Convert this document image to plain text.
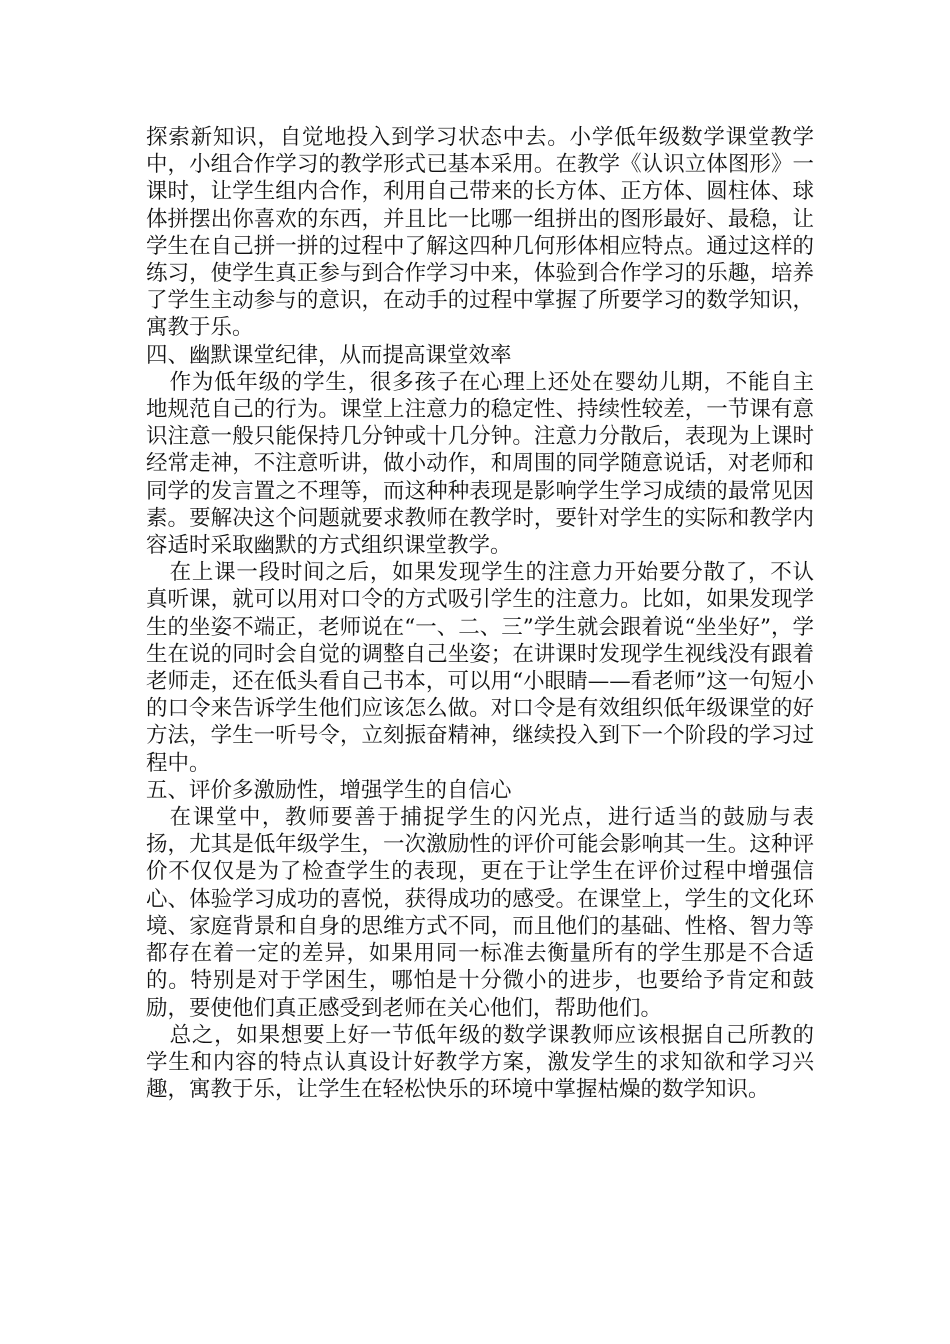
探索新知识，自觉地投入到学习状态中去。小学低年级数学课堂教学中，小组合作学习的教学形式已基本采用。在教学《认识立体图形》一课时，让学生组内合作，利用自己带来的长方体、正方体、圆柱体、球体拼摆出你喜欢的东西，并且比一比哪一组拼出的图形最好、最稳，让学生在自己拼一拼的过程中了解这四种几何形体相应特点。通过这样的练习，使学生真正参与到合作学习中来，体验到合作学习的乐趣，培养了学生主动参与的意识，在动手的过程中掌握了所要学习的数学知识，寓教于乐。

四、幽默课堂纪律，从而提高课堂效率

作为低年级的学生，很多孩子在心理上还处在婴幼儿期，不能自主地规范自己的行为。课堂上注意力的稳定性、持续性较差，一节课有意识注意一般只能保持几分钟或十几分钟。注意力分散后，表现为上课时经常走神，不注意听讲，做小动作，和周围的同学随意说话，对老师和同学的发言置之不理等，而这种种表现是影响学生学习成绩的最常见因素。要解决这个问题就要求教师在教学时，要针对学生的实际和教学内容适时采取幽默的方式组织课堂教学。

在上课一段时间之后，如果发现学生的注意力开始要分散了，不认真听课，就可以用对口令的方式吸引学生的注意力。比如，如果发现学生的坐姿不端正，老师说在“一、二、三”学生就会跟着说“坐坐好”，学生在说的同时会自觉的调整自己坐姿；在讲课时发现学生视线没有跟着老师走，还在低头看自己书本，可以用“小眼睛——看老师”这一句短小的口令来告诉学生他们应该怎么做。对口令是有效组织低年级课堂的好方法，学生一听号令，立刻振奋精神，继续投入到下一个阶段的学习过程中。

五、评价多激励性，增强学生的自信心

在课堂中，教师要善于捕捉学生的闪光点，进行适当的鼓励与表扬，尤其是低年级学生，一次激励性的评价可能会影响其一生。这种评价不仅仅是为了检查学生的表现，更在于让学生在评价过程中增强信心、体验学习成功的喜悦，获得成功的感受。在课堂上，学生的文化环境、家庭背景和自身的思维方式不同，而且他们的基础、性格、智力等都存在着一定的差异，如果用同一标准去衡量所有的学生那是不合适的。特别是对于学困生，哪怕是十分微小的进步，也要给予肯定和鼓励，要使他们真正感受到老师在关心他们，帮助他们。

总之，如果想要上好一节低年级的数学课教师应该根据自己所教的学生和内容的特点认真设计好教学方案，激发学生的求知欲和学习兴趣，寓教于乐，让学生在轻松快乐的环境中掌握枯燥的数学知识。
